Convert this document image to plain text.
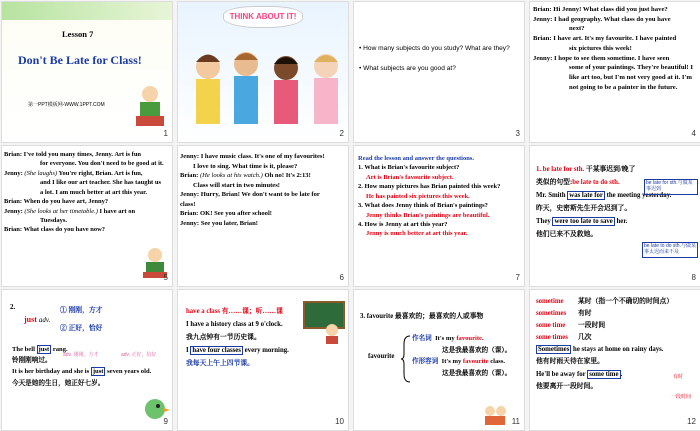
Lesson 7
Don't Be Late for Class!
第一PPT模板网-WWW.1PPT.COM
1
THINK ABOUT IT!
2
• How many subjects do you study? What are they?
• What subjects are you good at?
3
Brian: Hi Jenny! What class did you just have?
Jenny: I had geography. What class do you have
next?
Brian: I have art. It's my favourite. I have painted
six pictures this week!
Jenny: I hope to see them sometime. I have seen
some of your paintings. They're beautiful! I
like art too, but I'm not very good at it. I'm
not going to be a painter in the future.
4
Brian: I've told you many times, Jenny. Art is fun
for everyone. You don't need to be good at it.
Jenny: (She laughs) You're right, Brian. Art is fun,
and I like our art teacher. She has taught us
a lot. I am much better at art this year.
Brian: When do you have art, Jenny?
Jenny: (She looks at her timetable.) I have art on
Tuesdays.
Brian: What class do you have now?
5
Jenny: I have music class. It's one of my favourites!
I love to sing. What time is it, please?
Brian: (He looks at his watch.) Oh no! It's 2:13!
Class will start in two minutes!
Jenny: Hurry, Brian! We don't want to be late for
class!
Brian: OK! See you after school!
Jenny: See you later, Brian!
6
Read the lesson and answer the questions.
1. What is Brian's favourite subject?
Art is Brian's favourite subject.
2. How many pictures has Brian painted this week?
He has painted six pictures this week.
3. What does Jenny think of Brian's paintings?
Jenny thinks Brian's paintings are beautiful.
4. How is Jenny at art this year?
Jenny is much better at art this year.
7
1. be late for sth. 干某事迟到/晚了
类似的句型:be late to do sth.
Mr. Smith was late for the meeting yesterday.
昨天，史密斯先生开会迟到了。
They were too late to save her.
他们已来不及救她。
be late for sth.与做某事迟到
be late to do sth.与做某事太迟而来不及
8
2.
just adv.
① 刚刚，方才
② 正好，恰好
The bell just rang.
铃刚刚响过。
It is her birthday and she is just seven years old.
今天是她的生日，她正好七岁。
adv. 刚刚，方才	adv. 正好，恰好
9
have a class 有……课；听……课
I have a history class at 9 o'clock.
我九点钟有一节历史课。
I have four classes every morning.
我每天上午上四节课。
10
3. favourite 最喜欢的；最喜欢的人或事物
favourite
作名词 It's my favourite.
这是我最喜欢的（课）。
作形容词 It's my favourite class.
这是我最喜欢的（课）。
11
sometime 某时（指一个不确切的时间点）
sometimes 有时
some time 一段时间
some times 几次
Sometimes he stays at home on rainy days.
他有时雨天待在家里。
He'll be away for some time .
他要离开一段时间。
有时
一段时间
12
